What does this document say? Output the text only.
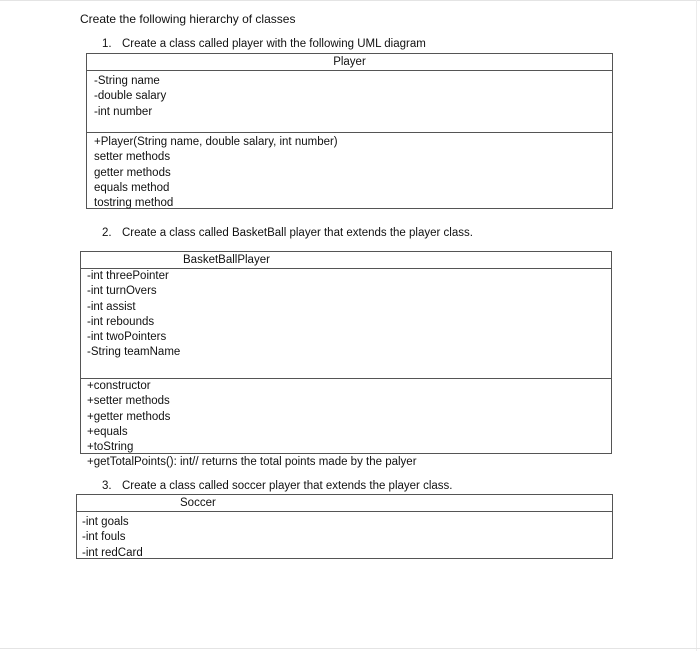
Create the following hierarchy of classes
1. Create a class called player with the following UML diagram
Player
-String name
-double salary
-int number
+Player(String name, double salary, int number)
setter methods
getter methods
equals method
tostring method
2. Create a class called BasketBall player that extends the player class.
BasketBallPlayer
-int threePointer
-int turnOvers
-int assist
-int rebounds
-int twoPointers
-String teamName
+constructor
+setter methods
+getter methods
+equals
+toString
+getTotalPoints(): int// returns the total points made by the palyer
3. Create a class called soccer player that extends the player class.
Soccer
-int goals
-int fouls
-int redCard
